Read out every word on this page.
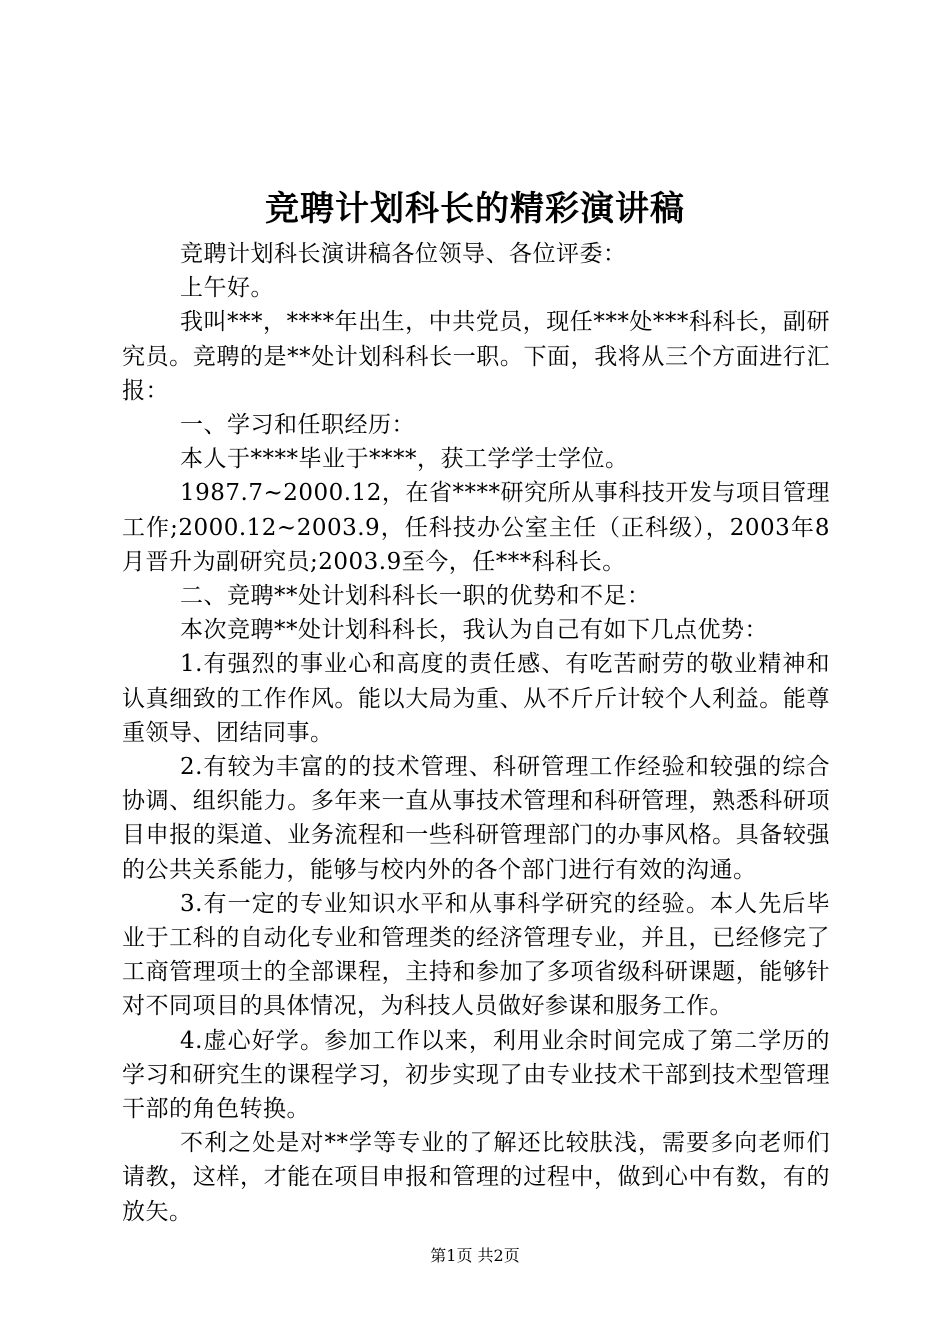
竞聘计划科长的精彩演讲稿

竞聘计划科长演讲稿各位领导、各位评委：

上午好。

我叫***，****年出生，中共党员，现任***处***科科长，副研究员。竞聘的是**处计划科科长一职。下面，我将从三个方面进行汇报：

一、学习和任职经历：

本人于****毕业于****，获工学学士学位。

1987.7~2000.12，在省****研究所从事科技开发与项目管理工作;2000.12~2003.9，任科技办公室主任（正科级），2003年8月晋升为副研究员;2003.9至今，任***科科长。

二、竞聘**处计划科科长一职的优势和不足：

本次竞聘**处计划科科长，我认为自己有如下几点优势：

1.有强烈的事业心和高度的责任感、有吃苦耐劳的敬业精神和认真细致的工作作风。能以大局为重、从不斤斤计较个人利益。能尊重领导、团结同事。

2.有较为丰富的的技术管理、科研管理工作经验和较强的综合协调、组织能力。多年来一直从事技术管理和科研管理，熟悉科研项目申报的渠道、业务流程和一些科研管理部门的办事风格。具备较强的公共关系能力，能够与校内外的各个部门进行有效的沟通。

3.有一定的专业知识水平和从事科学研究的经验。本人先后毕业于工科的自动化专业和管理类的经济管理专业，并且，已经修完了工商管理项士的全部课程，主持和参加了多项省级科研课题，能够针对不同项目的具体情况，为科技人员做好参谋和服务工作。

4.虚心好学。参加工作以来，利用业余时间完成了第二学历的学习和研究生的课程学习，初步实现了由专业技术干部到技术型管理干部的角色转换。

不利之处是对**学等专业的了解还比较肤浅，需要多向老师们请教，这样，才能在项目申报和管理的过程中，做到心中有数，有的放矢。

第1页 共2页
